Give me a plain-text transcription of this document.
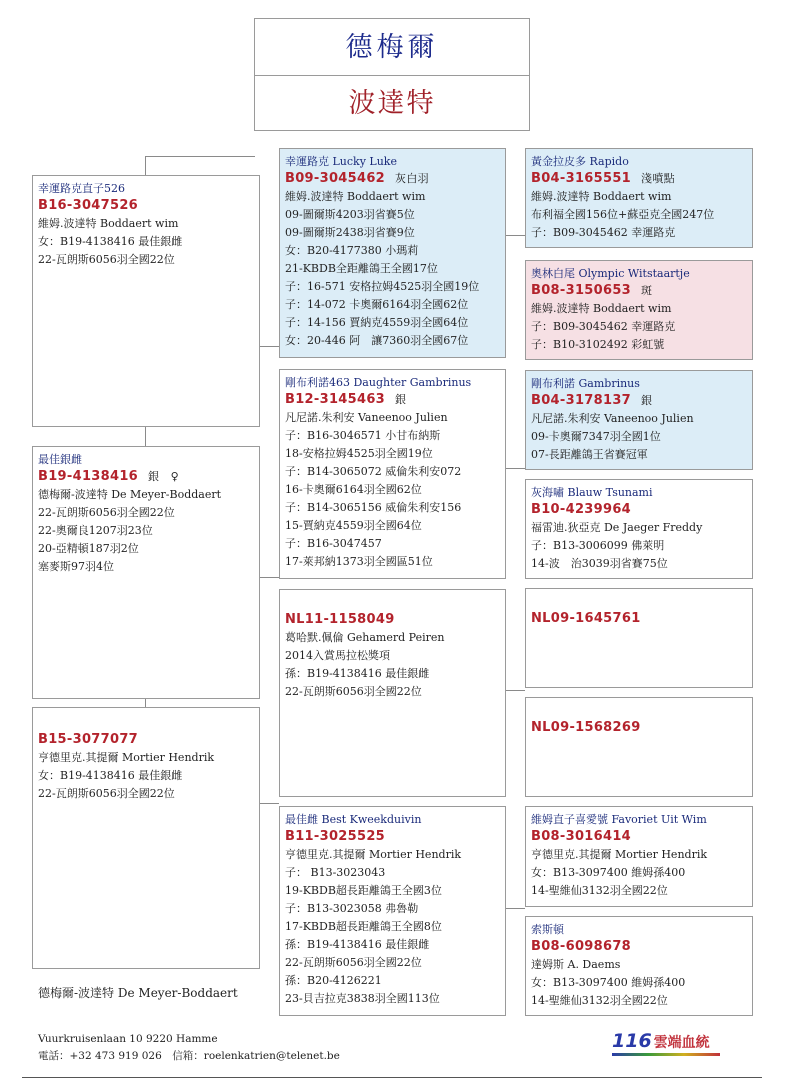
德梅爾
波達特
幸運路克直子526
B16-3047526
維姆.波達特 Boddaert wim
女：B19-4138416 最佳銀雌
22-瓦朗斯6056羽全國22位
最佳銀雌
B19-4138416 銀　♀
德梅爾-波達特 De Meyer-Boddaert
22-瓦朗斯6056羽全國22位
22-奧爾良1207羽23位
20-亞精頓187羽2位
塞麥斯97羽4位
B15-3077077
亨德里克.其提爾 Mortier Hendrik
女：B19-4138416 最佳銀雌
22-瓦朗斯6056羽全國22位
幸運路克 Lucky Luke
B09-3045462 灰白羽
維姆.波達特 Boddaert wim
09-圖爾斯4203羽省賽5位
09-圖爾斯2438羽省賽9位
女：B20-4177380 小瑪莉
21-KBDB全距離鴿王全國17位
子：16-571 安格拉姆4525羽全國19位
子：14-072 卡奧爾6164羽全國62位
子：14-156 賈納克4559羽全國64位
女：20-446 阿　讓7360羽全國67位
剛布利諾463 Daughter Gambrinus
B12-3145463 銀
凡尼諾.朱利安 Vaneenoo Julien
子：B16-3046571 小甘布納斯
18-安格拉姆4525羽全國19位
子：B14-3065072 威倫朱利安072
16-卡奧爾6164羽全國62位
子：B14-3065156 威倫朱利安156
15-賈納克4559羽全國64位
子：B16-3047457
17-萊邦納1373羽全國區51位
NL11-1158049
葛哈默.佩倫 Gehamerd Peiren
2014入賞馬拉松獎項
孫：B19-4138416 最佳銀雌
22-瓦朗斯6056羽全國22位
最佳雌 Best Kweekduivin
B11-3025525
亨德里克.其提爾 Mortier Hendrik
子： B13-3023043
19-KBDB超長距離鴿王全國3位
子：B13-3023058 弗魯勒
17-KBDB超長距離鴿王全國8位
孫：B19-4138416 最佳銀雌
22-瓦朗斯6056羽全國22位
孫：B20-4126221
23-貝吉拉克3838羽全國113位
黃金拉皮多 Rapido
B04-3165551 淺噴點
維姆.波達特 Boddaert wim
布利福全國156位+蘇亞克全國247位
子：B09-3045462 幸運路克
奧林白尾 Olympic Witstaartje
B08-3150653 斑
維姆.波達特 Boddaert wim
子：B09-3045462 幸運路克
子：B10-3102492 彩虹號
剛布利諾 Gambrinus
B04-3178137 銀
凡尼諾.朱利安 Vaneenoo Julien
09-卡奧爾7347羽全國1位
07-長距離鴿王省賽冠軍
灰海嘯 Blauw Tsunami
B10-4239964
福雷迪.狄亞克 De Jaeger Freddy
子：B13-3006099 佛萊明
14-波　治3039羽省賽75位
NL09-1645761
NL09-1568269
維姆直子喜愛號 Favoriet Uit Wim
B08-3016414
亨德里克.其提爾 Mortier Hendrik
女：B13-3097400 維姆孫400
14-聖維仙3132羽全國22位
索斯頓
B08-6098678
達姆斯 A. Daems
女：B13-3097400 維姆孫400
14-聖維仙3132羽全國22位
德梅爾-波達特 De Meyer-Boddaert
Vuurkruisenlaan 10 9220 Hamme
電話：+32 473 919 026　信箱：roelenkatrien@telenet.be
116 雲端血統
